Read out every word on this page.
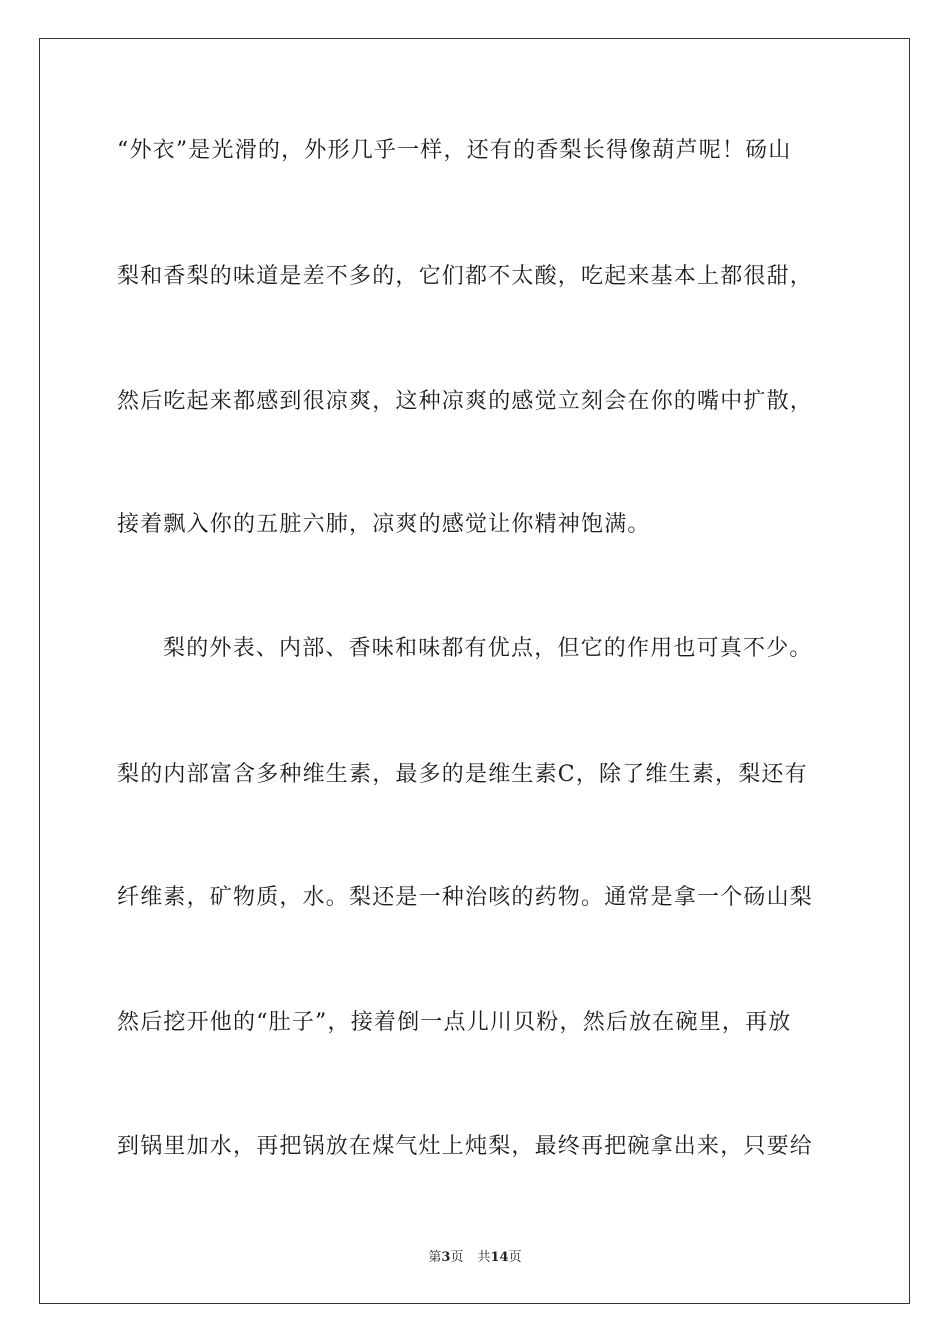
“外衣”是光滑的，外形几乎一样，还有的香梨长得像葫芦呢！砀山
梨和香梨的味道是差不多的，它们都不太酸，吃起来基本上都很甜，
然后吃起来都感到很凉爽，这种凉爽的感觉立刻会在你的嘴中扩散，
接着飘入你的五脏六肺，凉爽的感觉让你精神饱满。
梨的外表、内部、香味和味都有优点，但它的作用也可真不少。
梨的内部富含多种维生素，最多的是维生素C，除了维生素，梨还有
纤维素，矿物质，水。梨还是一种治咳的药物。通常是拿一个砀山梨
然后挖开他的“肚子”，接着倒一点儿川贝粉，然后放在碗里，再放
到锅里加水，再把锅放在煤气灶上炖梨，最终再把碗拿出来，只要给
第3页 共14页
